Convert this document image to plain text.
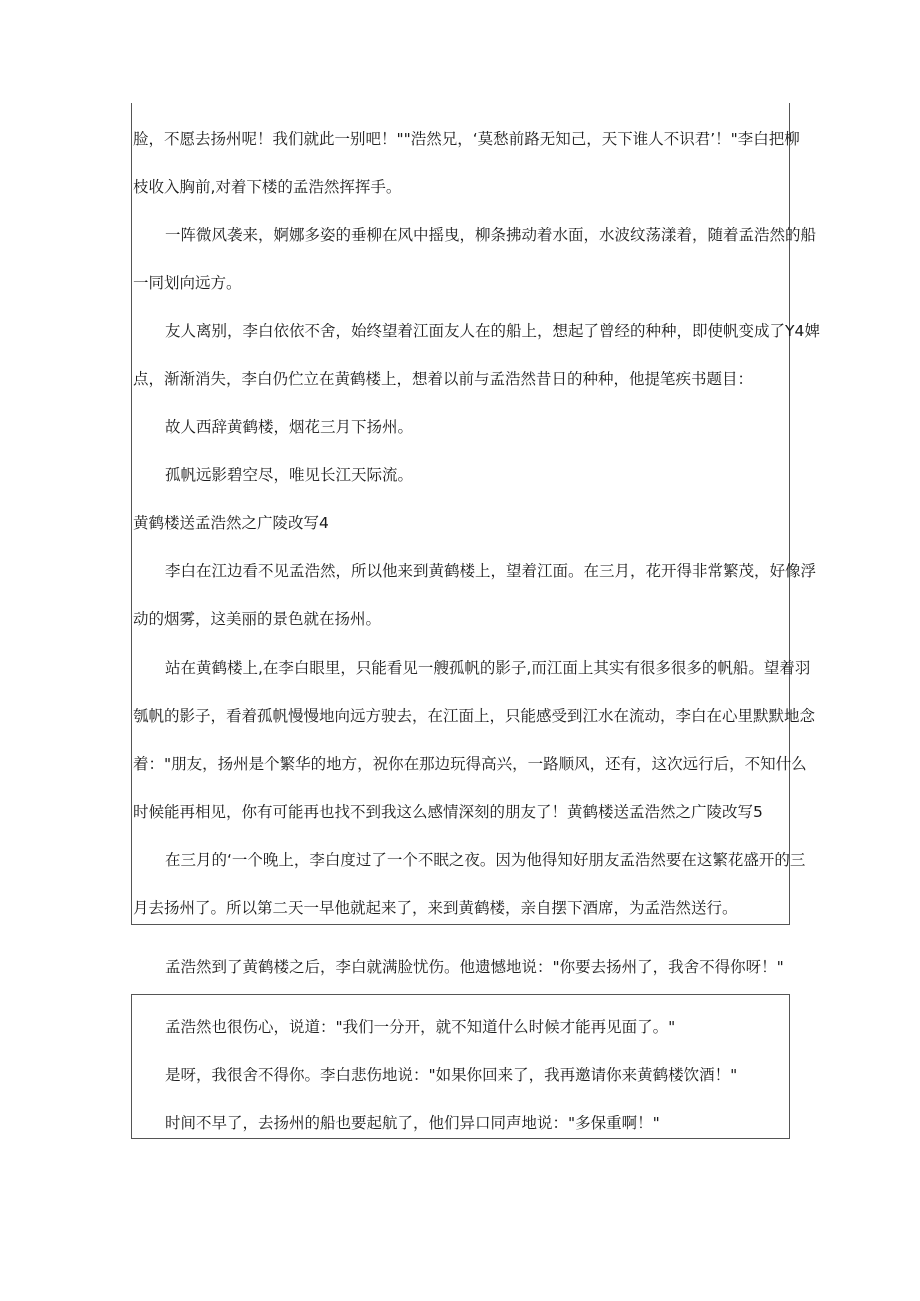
脸，不愿去扬州呢！我们就此一别吧！""浩然兄，‘莫愁前路无知己，天下谁人不识君’！"李白把柳
枝收入胸前,对着下楼的孟浩然挥挥手。
一阵微风袭来，婀娜多姿的垂柳在风中摇曳，柳条拂动着水面，水波纹荡漾着，随着孟浩然的船
一同划向远方。
友人离别，李白依依不舍，始终望着江面友人在的船上，想起了曾经的种种，即使帆变成了Y4婢
点，渐渐消失，李白仍伫立在黄鹤楼上，想着以前与孟浩然昔日的种种，他提笔疾书题目：
故人西辞黄鹤楼，烟花三月下扬州。
孤帆远影碧空尽，唯见长江天际流。
黄鹤楼送孟浩然之广陵改写4
李白在江边看不见孟浩然，所以他来到黄鹤楼上，望着江面。在三月，花开得非常繁茂，好像浮
动的烟雾，这美丽的景色就在扬州。
站在黄鹤楼上,在李白眼里，只能看见一艘孤帆的影子,而江面上其实有很多很多的帆船。望着羽
瓠帆的影子，看着孤帆慢慢地向远方驶去，在江面上，只能感受到江水在流动，李白在心里默默地念
着："朋友，扬州是个繁华的地方，祝你在那边玩得高兴，一路顺风，还有，这次远行后，不知什么
时候能再相见，你有可能再也找不到我这么感情深刻的朋友了！黄鹤楼送孟浩然之广陵改写5
在三月的‘一个晚上，李白度过了一个不眠之夜。因为他得知好朋友孟浩然要在这繁花盛开的三
月去扬州了。所以第二天一早他就起来了，来到黄鹤楼，亲自摆下酒席，为孟浩然送行。
孟浩然到了黄鹤楼之后，李白就满脸忧伤。他遗憾地说："你要去扬州了，我舍不得你呀！"
孟浩然也很伤心，说道："我们一分开，就不知道什么时候才能再见面了。"
是呀，我很舍不得你。李白悲伤地说："如果你回来了，我再邀请你来黄鹤楼饮酒！"
时间不早了，去扬州的船也要起航了，他们异口同声地说："多保重啊！"
